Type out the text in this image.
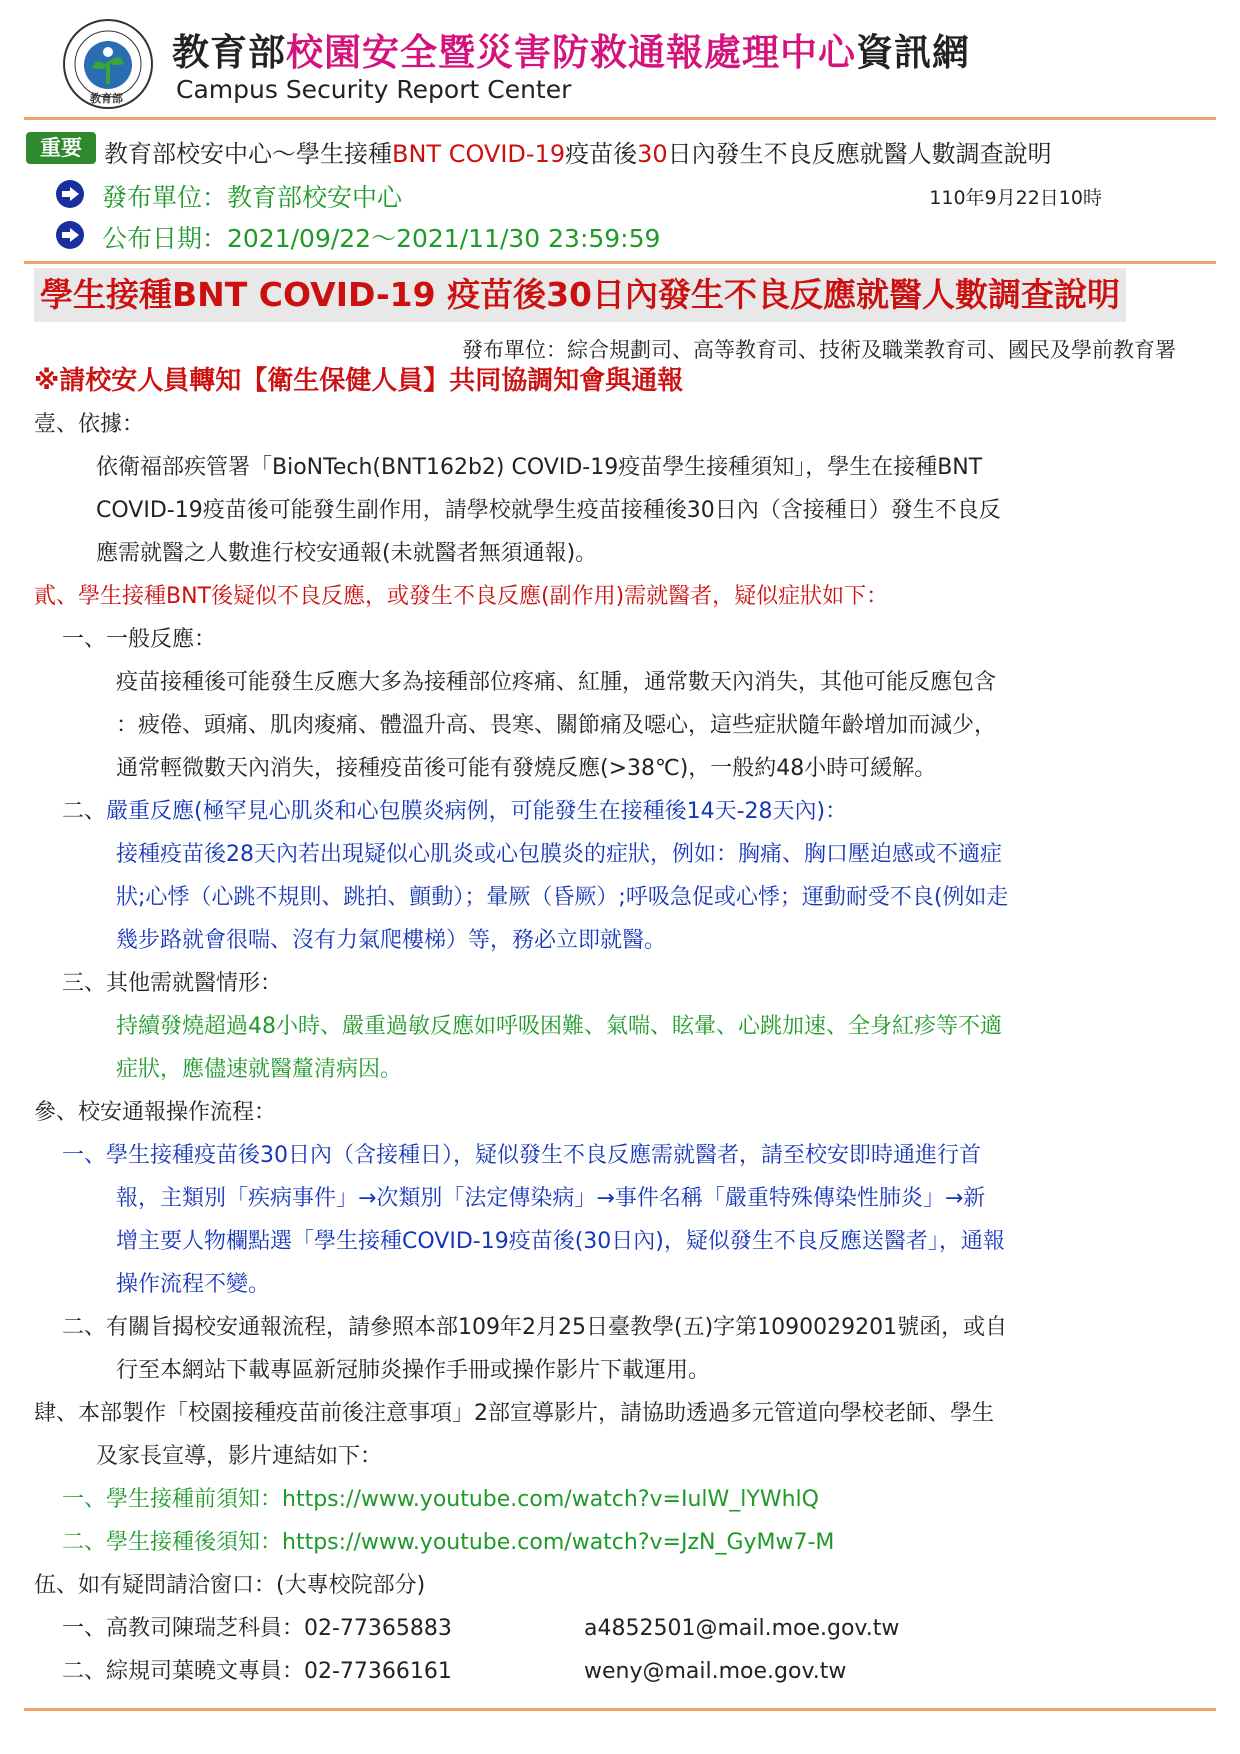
教育部
教育部校園安全暨災害防救通報處理中心資訊網
Campus Security Report Center
重要 教育部校安中心～學生接種BNT COVID-19疫苗後30日內發生不良反應就醫人數調查說明
發布單位：教育部校安中心	110年9月22日10時
公布日期：2021/09/22～2021/11/30 23:59:59
學生接種BNT COVID-19 疫苗後30日內發生不良反應就醫人數調查說明
發布單位：綜合規劃司、高等教育司、技術及職業教育司、國民及學前教育署
※請校安人員轉知【衛生保健人員】共同協調知會與通報
壹、依據：
依衛福部疾管署「BioNTech(BNT162b2) COVID-19疫苗學生接種須知」，學生在接種BNT
COVID-19疫苗後可能發生副作用，請學校就學生疫苗接種後30日內（含接種日）發生不良反
應需就醫之人數進行校安通報(未就醫者無須通報)。
貳、學生接種BNT後疑似不良反應，或發生不良反應(副作用)需就醫者，疑似症狀如下：
一、一般反應：
疫苗接種後可能發生反應大多為接種部位疼痛、紅腫，通常數天內消失，其他可能反應包含
：疲倦、頭痛、肌肉痠痛、體溫升高、畏寒、關節痛及噁心，這些症狀隨年齡增加而減少，
通常輕微數天內消失，接種疫苗後可能有發燒反應(>38℃)，一般約48小時可緩解。
二、嚴重反應(極罕見心肌炎和心包膜炎病例，可能發生在接種後14天-28天內)：
接種疫苗後28天內若出現疑似心肌炎或心包膜炎的症狀，例如：胸痛、胸口壓迫感或不適症
狀;心悸（心跳不規則、跳拍、顫動）；暈厥（昏厥）;呼吸急促或心悸；運動耐受不良(例如走
幾步路就會很喘、沒有力氣爬樓梯）等，務必立即就醫。
三、其他需就醫情形：
持續發燒超過48小時、嚴重過敏反應如呼吸困難、氣喘、眩暈、心跳加速、全身紅疹等不適
症狀，應儘速就醫釐清病因。
參、校安通報操作流程：
一、學生接種疫苗後30日內（含接種日），疑似發生不良反應需就醫者，請至校安即時通進行首
報，主類別「疾病事件」→次類別「法定傳染病」→事件名稱「嚴重特殊傳染性肺炎」→新
增主要人物欄點選「學生接種COVID-19疫苗後(30日內)，疑似發生不良反應送醫者」，通報
操作流程不變。
二、有關旨揭校安通報流程，請參照本部109年2月25日臺教學(五)字第1090029201號函，或自
行至本網站下載專區新冠肺炎操作手冊或操作影片下載運用。
肆、本部製作「校園接種疫苗前後注意事項」2部宣導影片，請協助透過多元管道向學校老師、學生
及家長宣導，影片連結如下：
一、學生接種前須知：https://www.youtube.com/watch?v=IulW_lYWhlQ
二、學生接種後須知：https://www.youtube.com/watch?v=JzN_GyMw7-M
伍、如有疑問請洽窗口：(大專校院部分)
一、高教司陳瑞芝科員：02-77365883	a4852501@mail.moe.gov.tw
二、綜規司葉曉文專員：02-77366161	weny@mail.moe.gov.tw
